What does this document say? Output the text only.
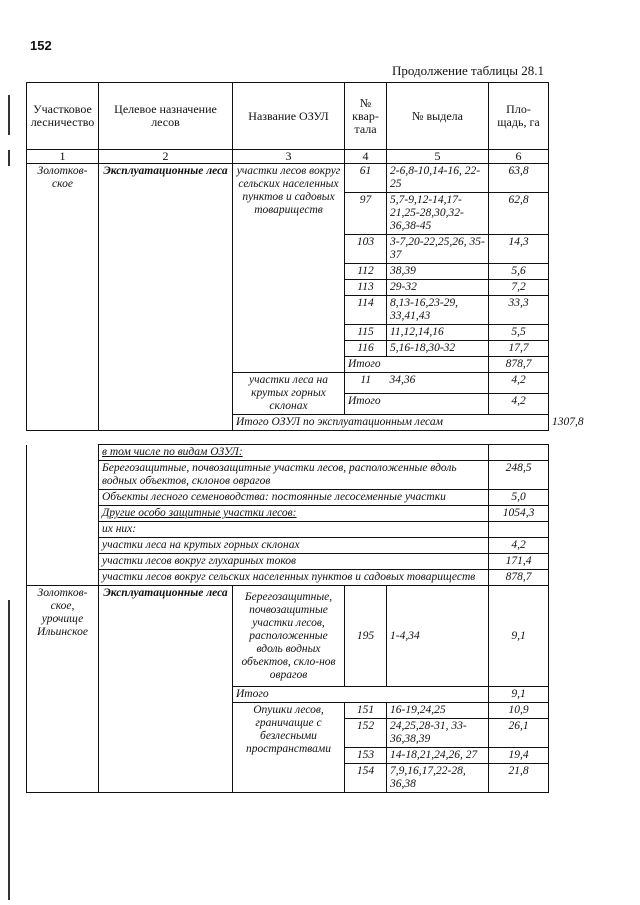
152
Продолжение таблицы 28.1
Участковое лесничество	Целевое назначение лесов	Название ОЗУЛ	№ квар-тала	№ выдела	Пло-щадь, га	
1	2	3	4	5	6	
Золотков-ское	Эксплуатационные леса	участки лесов вокруг сельских населенных пунктов и садовых товариществ	61	2-6,8-10,14-16, 22-25	63,8	
			97	5,7-9,12-14,17-21,25-28,30,32-36,38-45	62,8	
			103	3-7,20-22,25,26, 35-37	14,3	
			112	38,39	5,6	
			113	29-32	7,2	
			114	8,13-16,23-29, 33,41,43	33,3	
			115	11,12,14,16	5,5	
			116	5,16-18,30-32	17,7	
			Итого		878,7	
		участки леса на крутых горных склонах	11	34,36	4,2	
			Итого		4,2	
		Итого ОЗУЛ по эксплуатационным лесам				1307,8
	в том числе по видам ОЗУЛ:				
	Берегозащитные, почвозащитные участки лесов, расположенные вдоль водных объектов, склонов оврагов				248,5
	Объекты лесного семеноводства: постоянные лесосеменные участки				5,0
	Другие особо защитные участки лесов:				1054,3
	их них:				
	участки леса на крутых горных склонах				4,2
	участки лесов вокруг глухариных токов				171,4
	участки лесов вокруг сельских населенных пунктов и садовых товариществ				878,7
Золотков-ское, урочище Ильинское	Эксплуатационные леса	Берегозащитные, почвозащитные участки лесов, расположенные вдоль водных объектов, скло-нов оврагов	195	1-4,34	9,1
		Итого			9,1
		Опушки лесов, граничащие с безлесными пространствами	151	16-19,24,25	10,9
			152	24,25,28-31, 33-36,38,39	26,1
			153	14-18,21,24,26, 27	19,4
			154	7,9,16,17,22-28, 36,38	21,8
